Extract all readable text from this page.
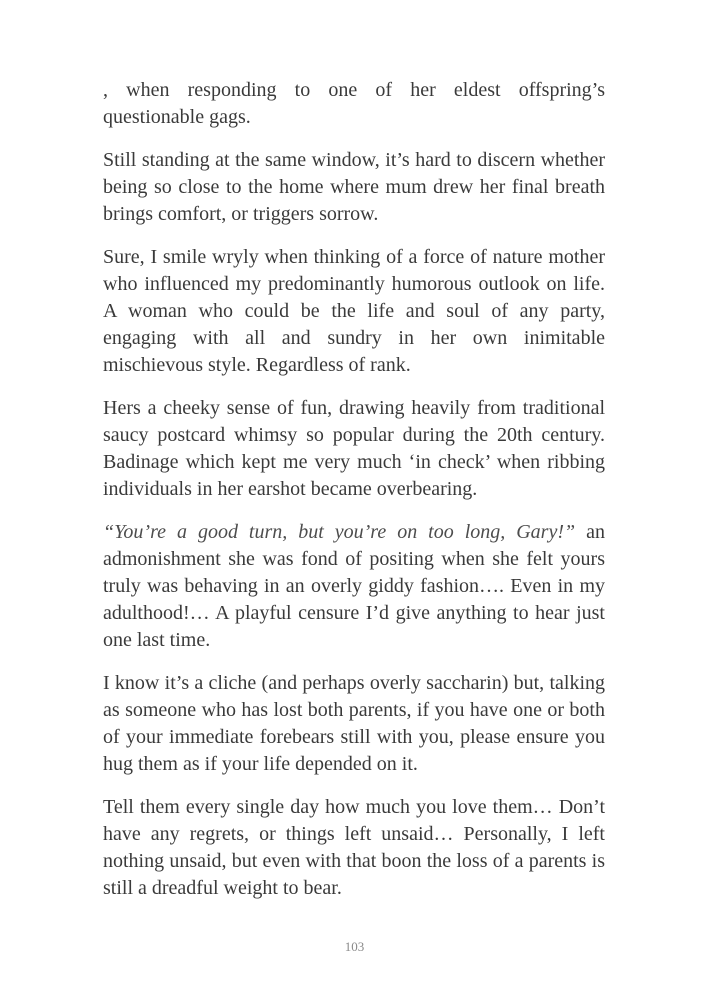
, when responding to one of her eldest offspring’s questionable gags.

Still standing at the same window, it’s hard to discern whether being so close to the home where mum drew her final breath brings comfort, or triggers sorrow.

Sure, I smile wryly when thinking of a force of nature mother who influenced my predominantly humorous outlook on life. A woman who could be the life and soul of any party, engaging with all and sundry in her own inimitable mischievous style. Regardless of rank.

Hers a cheeky sense of fun, drawing heavily from traditional saucy postcard whimsy so popular during the 20th century. Badinage which kept me very much ‘in check’ when ribbing individuals in her earshot became overbearing.

“You’re a good turn, but you’re on too long, Gary!” an admonishment she was fond of positing when she felt yours truly was behaving in an overly giddy fashion…. Even in my adulthood!… A playful censure I’d give anything to hear just one last time.

I know it’s a cliche (and perhaps overly saccharin) but, talking as someone who has lost both parents, if you have one or both of your immediate forebears still with you, please ensure you hug them as if your life depended on it.

Tell them every single day how much you love them… Don’t have any regrets, or things left unsaid… Personally, I left nothing unsaid, but even with that boon the loss of a parents is still a dreadful weight to bear.

103
